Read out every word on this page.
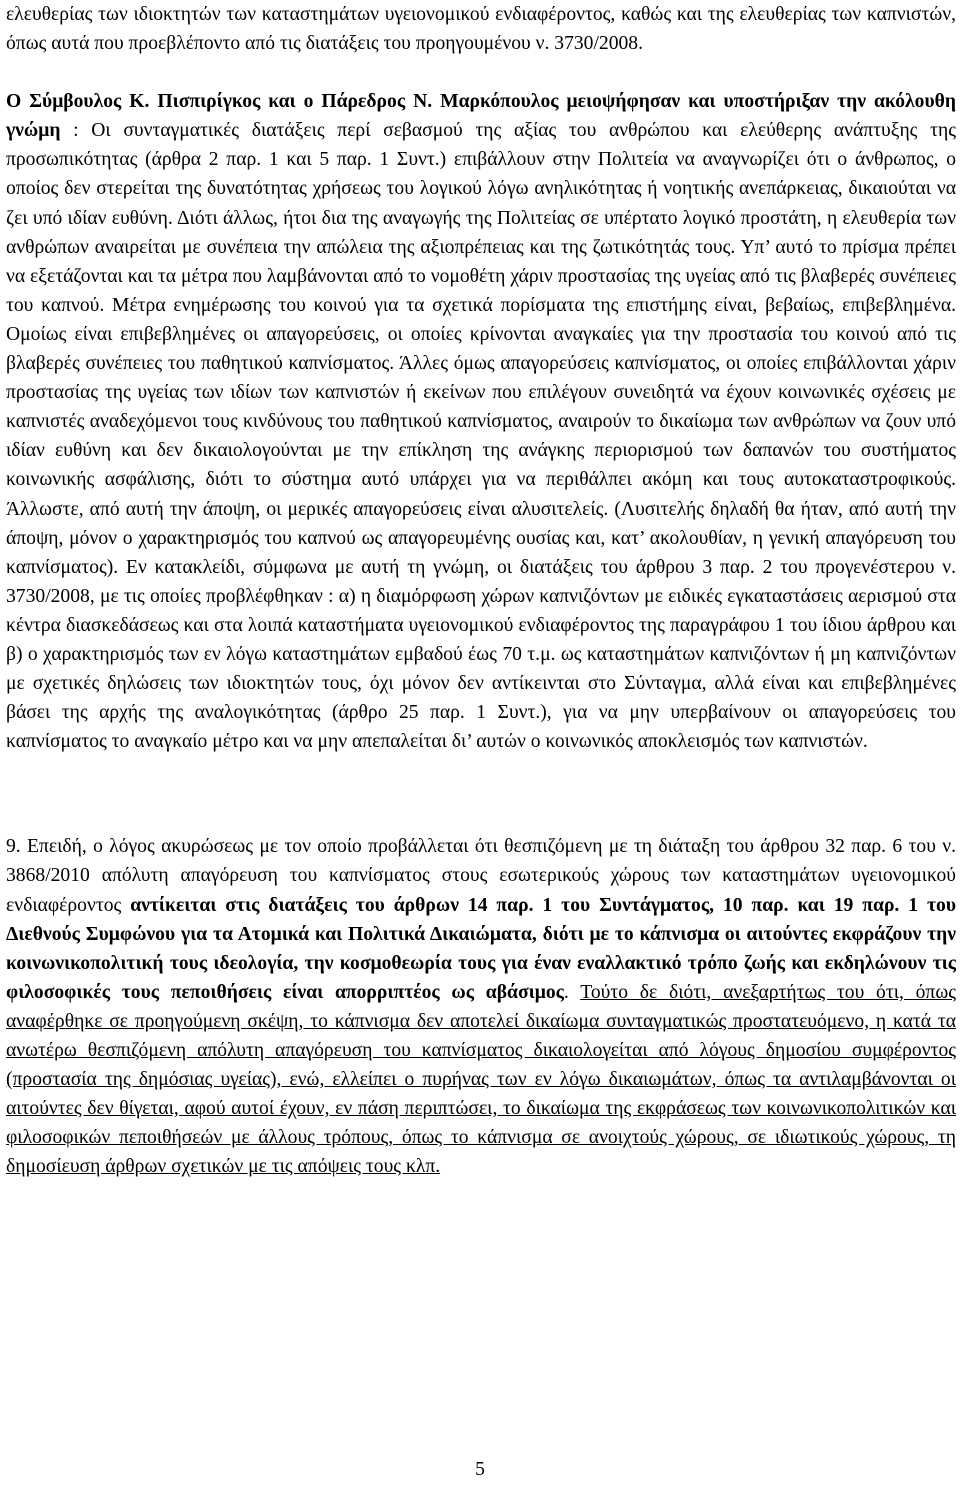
ελευθερίας των ιδιοκτητών των καταστημάτων υγειονομικού ενδιαφέροντος, καθώς και της ελευθερίας των καπνιστών, όπως αυτά που προεβλέποντο από τις διατάξεις του προηγουμένου ν. 3730/2008.

Ο Σύμβουλος Κ. Πισπιρίγκος και ο Πάρεδρος Ν. Μαρκόπουλος μειοψήφησαν και υποστήριξαν την ακόλουθη γνώμη : Οι συνταγματικές διατάξεις περί σεβασμού της αξίας του ανθρώπου και ελεύθερης ανάπτυξης της προσωπικότητας (άρθρα 2 παρ. 1 και 5 παρ. 1 Συντ.) επιβάλλουν στην Πολιτεία να αναγνωρίζει ότι ο άνθρωπος, ο οποίος δεν στερείται της δυνατότητας χρήσεως του λογικού λόγω ανηλικότητας ή νοητικής ανεπάρκειας, δικαιούται να ζει υπό ιδίαν ευθύνη. Διότι άλλως, ήτοι δια της αναγωγής της Πολιτείας σε υπέρτατο λογικό προστάτη, η ελευθερία των ανθρώπων αναιρείται με συνέπεια την απώλεια της αξιοπρέπειας και της ζωτικότητάς τους. Υπ’ αυτό το πρίσμα πρέπει να εξετάζονται και τα μέτρα που λαμβάνονται από το νομοθέτη χάριν προστασίας της υγείας από τις βλαβερές συνέπειες του καπνού. Μέτρα ενημέρωσης του κοινού για τα σχετικά πορίσματα της επιστήμης είναι, βεβαίως, επιβεβλημένα. Ομοίως είναι επιβεβλημένες οι απαγορεύσεις, οι οποίες κρίνονται αναγκαίες για την προστασία του κοινού από τις βλαβερές συνέπειες του παθητικού καπνίσματος. Άλλες όμως απαγορεύσεις καπνίσματος, οι οποίες επιβάλλονται χάριν προστασίας της υγείας των ιδίων των καπνιστών ή εκείνων που επιλέγουν συνειδητά να έχουν κοινωνικές σχέσεις με καπνιστές αναδεχόμενοι τους κινδύνους του παθητικού καπνίσματος, αναιρούν το δικαίωμα των ανθρώπων να ζουν υπό ιδίαν ευθύνη και δεν δικαιολογούνται με την επίκληση της ανάγκης περιορισμού των δαπανών του συστήματος κοινωνικής ασφάλισης, διότι το σύστημα αυτό υπάρχει για να περιθάλπει ακόμη και τους αυτοκαταστροφικούς. Άλλωστε, από αυτή την άποψη, οι μερικές απαγορεύσεις είναι αλυσιτελείς. (Λυσιτελής δηλαδή θα ήταν, από αυτή την άποψη, μόνον ο χαρακτηρισμός του καπνού ως απαγορευμένης ουσίας και, κατ’ ακολουθίαν, η γενική απαγόρευση του καπνίσματος). Εν κατακλείδι, σύμφωνα με αυτή τη γνώμη, οι διατάξεις του άρθρου 3 παρ. 2 του προγενέστερου ν. 3730/2008, με τις οποίες προβλέφθηκαν : α) η διαμόρφωση χώρων καπνιζόντων με ειδικές εγκαταστάσεις αερισμού στα κέντρα διασκεδάσεως και στα λοιπά καταστήματα υγειονομικού ενδιαφέροντος της παραγράφου 1 του ίδιου άρθρου και β) ο χαρακτηρισμός των εν λόγω καταστημάτων εμβαδού έως 70 τ.μ. ως καταστημάτων καπνιζόντων ή μη καπνιζόντων με σχετικές δηλώσεις των ιδιοκτητών τους, όχι μόνον δεν αντίκεινται στο Σύνταγμα, αλλά είναι και επιβεβλημένες βάσει της αρχής της αναλογικότητας (άρθρο 25 παρ. 1 Συντ.), για να μην υπερβαίνουν οι απαγορεύσεις του καπνίσματος το αναγκαίο μέτρο και να μην απεπαλείται δι’ αυτών ο κοινωνικός αποκλεισμός των καπνιστών.

9. Επειδή, ο λόγος ακυρώσεως με τον οποίο προβάλλεται ότι θεσπιζόμενη με τη διάταξη του άρθρου 32 παρ. 6 του ν. 3868/2010 απόλυτη απαγόρευση του καπνίσματος στους εσωτερικούς χώρους των καταστημάτων υγειονομικού ενδιαφέροντος αντίκειται στις διατάξεις του άρθρων 14 παρ. 1 του Συντάγματος, 10 παρ. και 19 παρ. 1 του Διεθνούς Συμφώνου για τα Ατομικά και Πολιτικά Δικαιώματα, διότι με το κάπνισμα οι αιτούντες εκφράζουν την κοινωνικοπολιτική τους ιδεολογία, την κοσμοθεωρία τους για έναν εναλλακτικό τρόπο ζωής και εκδηλώνουν τις φιλοσοφικές τους πεποιθήσεις είναι απορριπτέος ως αβάσιμος. Τούτο δε διότι, ανεξαρτήτως του ότι, όπως αναφέρθηκε σε προηγούμενη σκέψη, το κάπνισμα δεν αποτελεί δικαίωμα συνταγματικώς προστατευόμενο, η κατά τα ανωτέρω θεσπιζόμενη απόλυτη απαγόρευση του καπνίσματος δικαιολογείται από λόγους δημοσίου συμφέροντος (προστασία της δημόσιας υγείας), ενώ, ελλείπει ο πυρήνας των εν λόγω δικαιωμάτων, όπως τα αντιλαμβάνονται οι αιτούντες δεν θίγεται, αφού αυτοί έχουν, εν πάση περιπτώσει, το δικαίωμα της εκφράσεως των κοινωνικοπολιτικών και φιλοσοφικών πεποιθήσεών με άλλους τρόπους, όπως το κάπνισμα σε ανοιχτούς χώρους, σε ιδιωτικούς χώρους, τη δημοσίευση άρθρων σχετικών με τις απόψεις τους κλπ.

5
